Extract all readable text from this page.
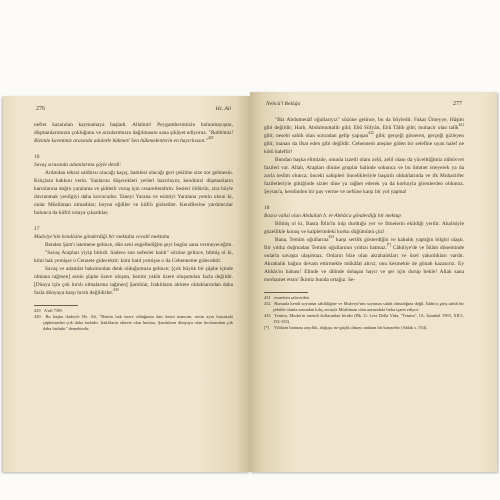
276	Hz. Ali

nefret kazanılan kaymamaya başladı. Allahım! Peygamberimizin bulunmayışını, düşmanlarımızın çokluğunu ve arzularımızın dağılmasını sana şikâyet ediyoruz. "Rabbimiz! Bizimle kavmimiz arasında adaletle hükmet! Sen hükmedenlerin en hayırlısısın."$^{429}$

16

Savaş sırasında adamlarına şöyle derdi:

Ardından tekrar saldırısı olacağı kaçış, hamlesi olacağı geri çekilme size zor gelmesin. Kılıçlara hakkını verin. Yanlarını düşecekleri yerleri hazırlayın; kendinizi düşmanların karınlarına doğru yaralama ve şiddetli vuruş için cesaretlendirin. Sesleri öldürün, zira böyle davranmak yenilgiyi daha kovucudur. Taneyi Yarana ve esintiyi Yaratana yemin olsun ki, onlar Müslüman olmadılar; boyun eğdiler ve küfrü gizlediler. Kendilerine yardımcılar bulunca da küfrü ortaya çıkardılar.

17

Muâviye'nin kendisine gönderdiği bir mektuba cevabî mektubu

Benden Şam'ı istemene gelince, dün seni engellediğim şeyi bugün sana vermeyeceğim.

"Savaş Arapları yiyip bitirdi. Sadece son nefesler kaldı" sözüne gelince, bilmiş ol ki, kimi hak yemişse o Cennete gidecektir; kimi batıl yemişse o da Cehenneme gidecektir.

Savaş ve adamlar bakımından denk olduğumuza gelince; [çok büyük bir şüphe içinde olmana rağmen] senin şüphe üzere oluşun, benim yakîn üzere oluşumdan fazla değildir. [Dünya için çok hırslı olmalarına rağmen] Şamlılar, Iraklıların ahirete olduklarından daha fazla dünyaya karşı hırslı değildirler.$^{430}$

429 A'râf 7/89.
430 Bu başka ifadeyle Hz. Ali, "Benim hak üzere olduğuma dair kesin inancım, senin aynı husustaki şüphesinden çok daha fazladır. Iraklıların ahirete olan hırsları, Şamlıların dünyaya olan hırslarından çok daha fazladır" demektedir.
Nehcü'l Belâğa	277

"Biz Abdumenâf oğullarıyız" sözüne gelince, bu da böyledir. Fakat Ümeyye, Hâşim gibi değildir; Harb, Abdulmuttalib gibi; Ebû Süfyân, Ebû Tâlib gibi; muhacir olan talîk$^{431}$ gibi; nesebi sahih olan sonradan gelip yapışan$^{432}$ gibi; gerçeği gösteren, gerçeği gizleyen gibi; inanan da ifsat eden gibi değildir. Cehennem ateşine giden bir selefine uyan halef ne kötü haleftir!

Bundan başka elimizde, onunla izzetli olanı zelil, zelil olanı da yücelttiğimiz nübüvvet fazileti var. Allah, Arapları dinine gruplar halinde sokunca ve bu ümmet isteyerek ya da zorla teslim olunca; önceki sahipleri öncelikleriyle başarılı olduklarında ve ilk Muhacirler faziletleriyle gittiğinde sizler dine ya rağbet ederek ya da korkuyla girenlerden oldunuz. Şeytan'a, kendinden bir pay verme ve nefsine karşı bir yol yapma!

18

Basra valisi olan Abdullah b. el-Abbâs'a gönderdiği bir mektup

Bilmiş ol ki, Basra İblis'in inip durduğu yer ve fitnelerin ekildiği yerdir. Ahalisiyle güzellikle konuş ve kalplerindeki korku düğümünü çöz!

Bana, Temim oğullarına$^{433}$ karşı sertlik gösterdiğin ve kabalık yaptığın bilgisi ulaştı. Bir yıldız doğmadan Temim oğullarının yıldızı batmaz.[*] Câhiliye'de ve İslâm döneminde onlarla savaşta ulaşılmaz. Onların bize olan akrabalıkları ve özel yakınlıkları vardır. Akrabalık bağını devam ettirmekle mükâfat alırız; onu kesmekle de günah kazanırız. Ey Abbâs'ın babası! Elinde ve dilinde dolaşan hayır ve şer için durup bekle! Allah sana merhamet etsin! İkimiz bunda ortağız. Se-

431 esaretten salıverilen
432 Bununla kendi soyunun sahihliğine ve Muâviye'nin soyunun sahih olmadığına değil, İslâm'a giriş sahih bir şekilde olanla sonradan kılıç zoruyla Müslüman olan arasındaki farka işaret ediyor.
433 Temim, Mudar'ın önemli kollarından biridir (Bk. G. Levi Della Vida, "Temim", İA, İstanbul 1993, XII/1, 152-155).
[*] Yıldızın batması zayıflık, doğuşu ise güçlü olmayı anlatan bir kinayedir (Ahlak s. 554).
